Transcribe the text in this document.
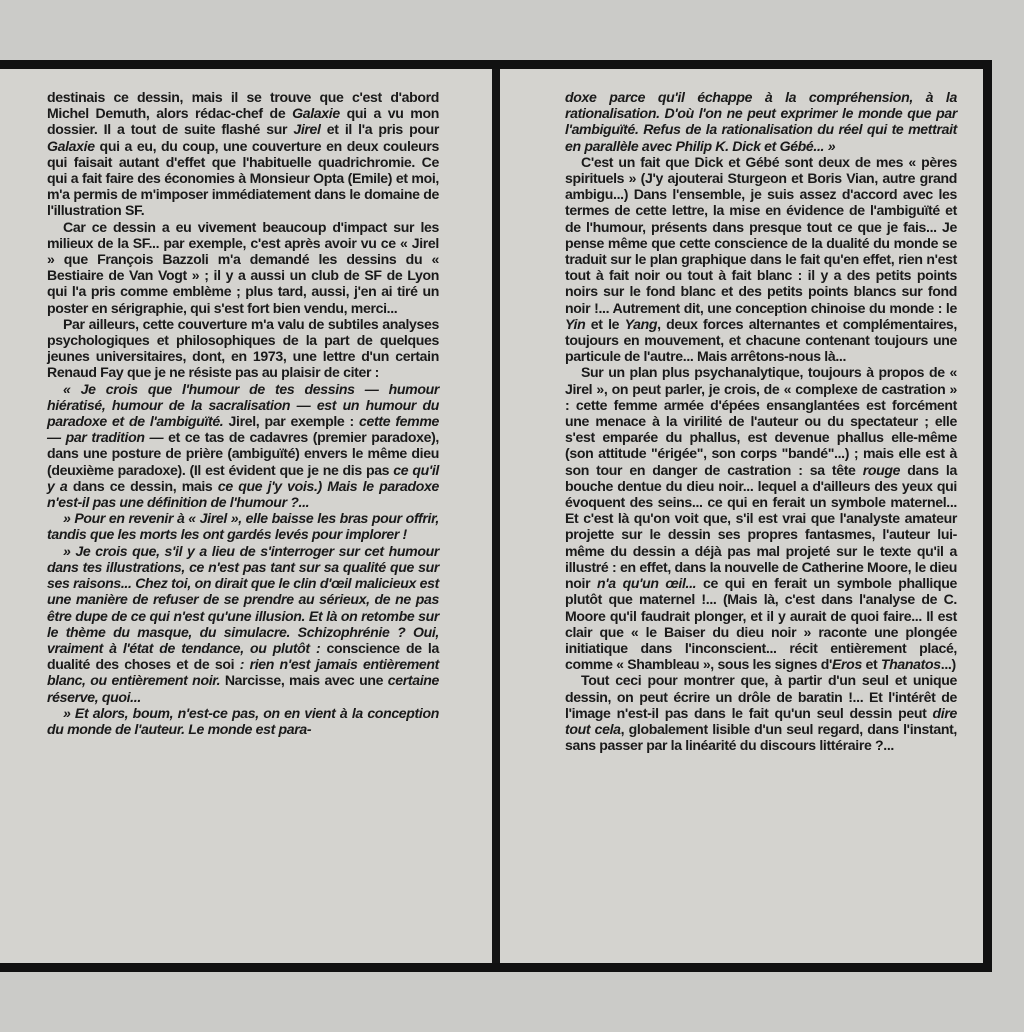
destinais ce dessin, mais il se trouve que c'est d'abord Michel Demuth, alors rédac-chef de Galaxie qui a vu mon dossier. Il a tout de suite flashé sur Jirel et il l'a pris pour Galaxie qui a eu, du coup, une couverture en deux couleurs qui faisait autant d'effet que l'habituelle quadrichromie. Ce qui a fait faire des économies à Monsieur Opta (Emile) et moi, m'a permis de m'imposer immédiatement dans le domaine de l'illustration SF.

Car ce dessin a eu vivement beaucoup d'impact sur les milieux de la SF... par exemple, c'est après avoir vu ce « Jirel » que François Bazzoli m'a demandé les dessins du « Bestiaire de Van Vogt » ; il y a aussi un club de SF de Lyon qui l'a pris comme emblème ; plus tard, aussi, j'en ai tiré un poster en sérigraphie, qui s'est fort bien vendu, merci...

Par ailleurs, cette couverture m'a valu de subtiles analyses psychologiques et philosophiques de la part de quelques jeunes universitaires, dont, en 1973, une lettre d'un certain Renaud Fay que je ne résiste pas au plaisir de citer :

« Je crois que l'humour de tes dessins — humour hiératisé, humour de la sacralisation — est un humour du paradoxe et de l'ambiguïté. Jirel, par exemple : cette femme — par tradition — et ce tas de cadavres (premier paradoxe), dans une posture de prière (ambiguïté) envers le même dieu (deuxième paradoxe). (Il est évident que je ne dis pas ce qu'il y a dans ce dessin, mais ce que j'y vois.) Mais le paradoxe n'est-il pas une définition de l'humour ?...

» Pour en revenir à « Jirel », elle baisse les bras pour offrir, tandis que les morts les ont gardés levés pour implorer !

» Je crois que, s'il y a lieu de s'interroger sur cet humour dans tes illustrations, ce n'est pas tant sur sa qualité que sur ses raisons... Chez toi, on dirait que le clin d'œil malicieux est une manière de refuser de se prendre au sérieux, de ne pas être dupe de ce qui n'est qu'une illusion. Et là on retombe sur le thème du masque, du simulacre. Schizophrénie ? Oui, vraiment à l'état de tendance, ou plutôt : conscience de la dualité des choses et de soi : rien n'est jamais entièrement blanc, ou entièrement noir. Narcisse, mais avec une certaine réserve, quoi...

» Et alors, boum, n'est-ce pas, on en vient à la conception du monde de l'auteur. Le monde est para-

doxe parce qu'il échappe à la compréhension, à la rationalisation. D'où l'on ne peut exprimer le monde que par l'ambiguïté. Refus de la rationalisation du réel qui te mettrait en parallèle avec Philip K. Dick et Gébé... »

C'est un fait que Dick et Gébé sont deux de mes « pères spirituels » (J'y ajouterai Sturgeon et Boris Vian, autre grand ambigu...) Dans l'ensemble, je suis assez d'accord avec les termes de cette lettre, la mise en évidence de l'ambiguïté et de l'humour, présents dans presque tout ce que je fais... Je pense même que cette conscience de la dualité du monde se traduit sur le plan graphique dans le fait qu'en effet, rien n'est tout à fait noir ou tout à fait blanc : il y a des petits points noirs sur le fond blanc et des petits points blancs sur fond noir !... Autrement dit, une conception chinoise du monde : le Yin et le Yang, deux forces alternantes et complémentaires, toujours en mouvement, et chacune contenant toujours une particule de l'autre... Mais arrêtons-nous là...

Sur un plan plus psychanalytique, toujours à propos de « Jirel », on peut parler, je crois, de « complexe de castration » : cette femme armée d'épées ensanglantées est forcément une menace à la virilité de l'auteur ou du spectateur ; elle s'est emparée du phallus, est devenue phallus elle-même (son attitude "érigée", son corps "bandé"...) ; mais elle est à son tour en danger de castration : sa tête rouge dans la bouche dentue du dieu noir... lequel a d'ailleurs des yeux qui évoquent des seins... ce qui en ferait un symbole maternel... Et c'est là qu'on voit que, s'il est vrai que l'analyste amateur projette sur le dessin ses propres fantasmes, l'auteur lui-même du dessin a déjà pas mal projeté sur le texte qu'il a illustré : en effet, dans la nouvelle de Catherine Moore, le dieu noir n'a qu'un œil... ce qui en ferait un symbole phallique plutôt que maternel !... (Mais là, c'est dans l'analyse de C. Moore qu'il faudrait plonger, et il y aurait de quoi faire... Il est clair que « le Baiser du dieu noir » raconte une plongée initiatique dans l'inconscient... récit entièrement placé, comme « Shambleau », sous les signes d'Eros et Thanatos...)

Tout ceci pour montrer que, à partir d'un seul et unique dessin, on peut écrire un drôle de baratin !... Et l'intérêt de l'image n'est-il pas dans le fait qu'un seul dessin peut dire tout cela, globalement lisible d'un seul regard, dans l'instant, sans passer par la linéarité du discours littéraire ?...
